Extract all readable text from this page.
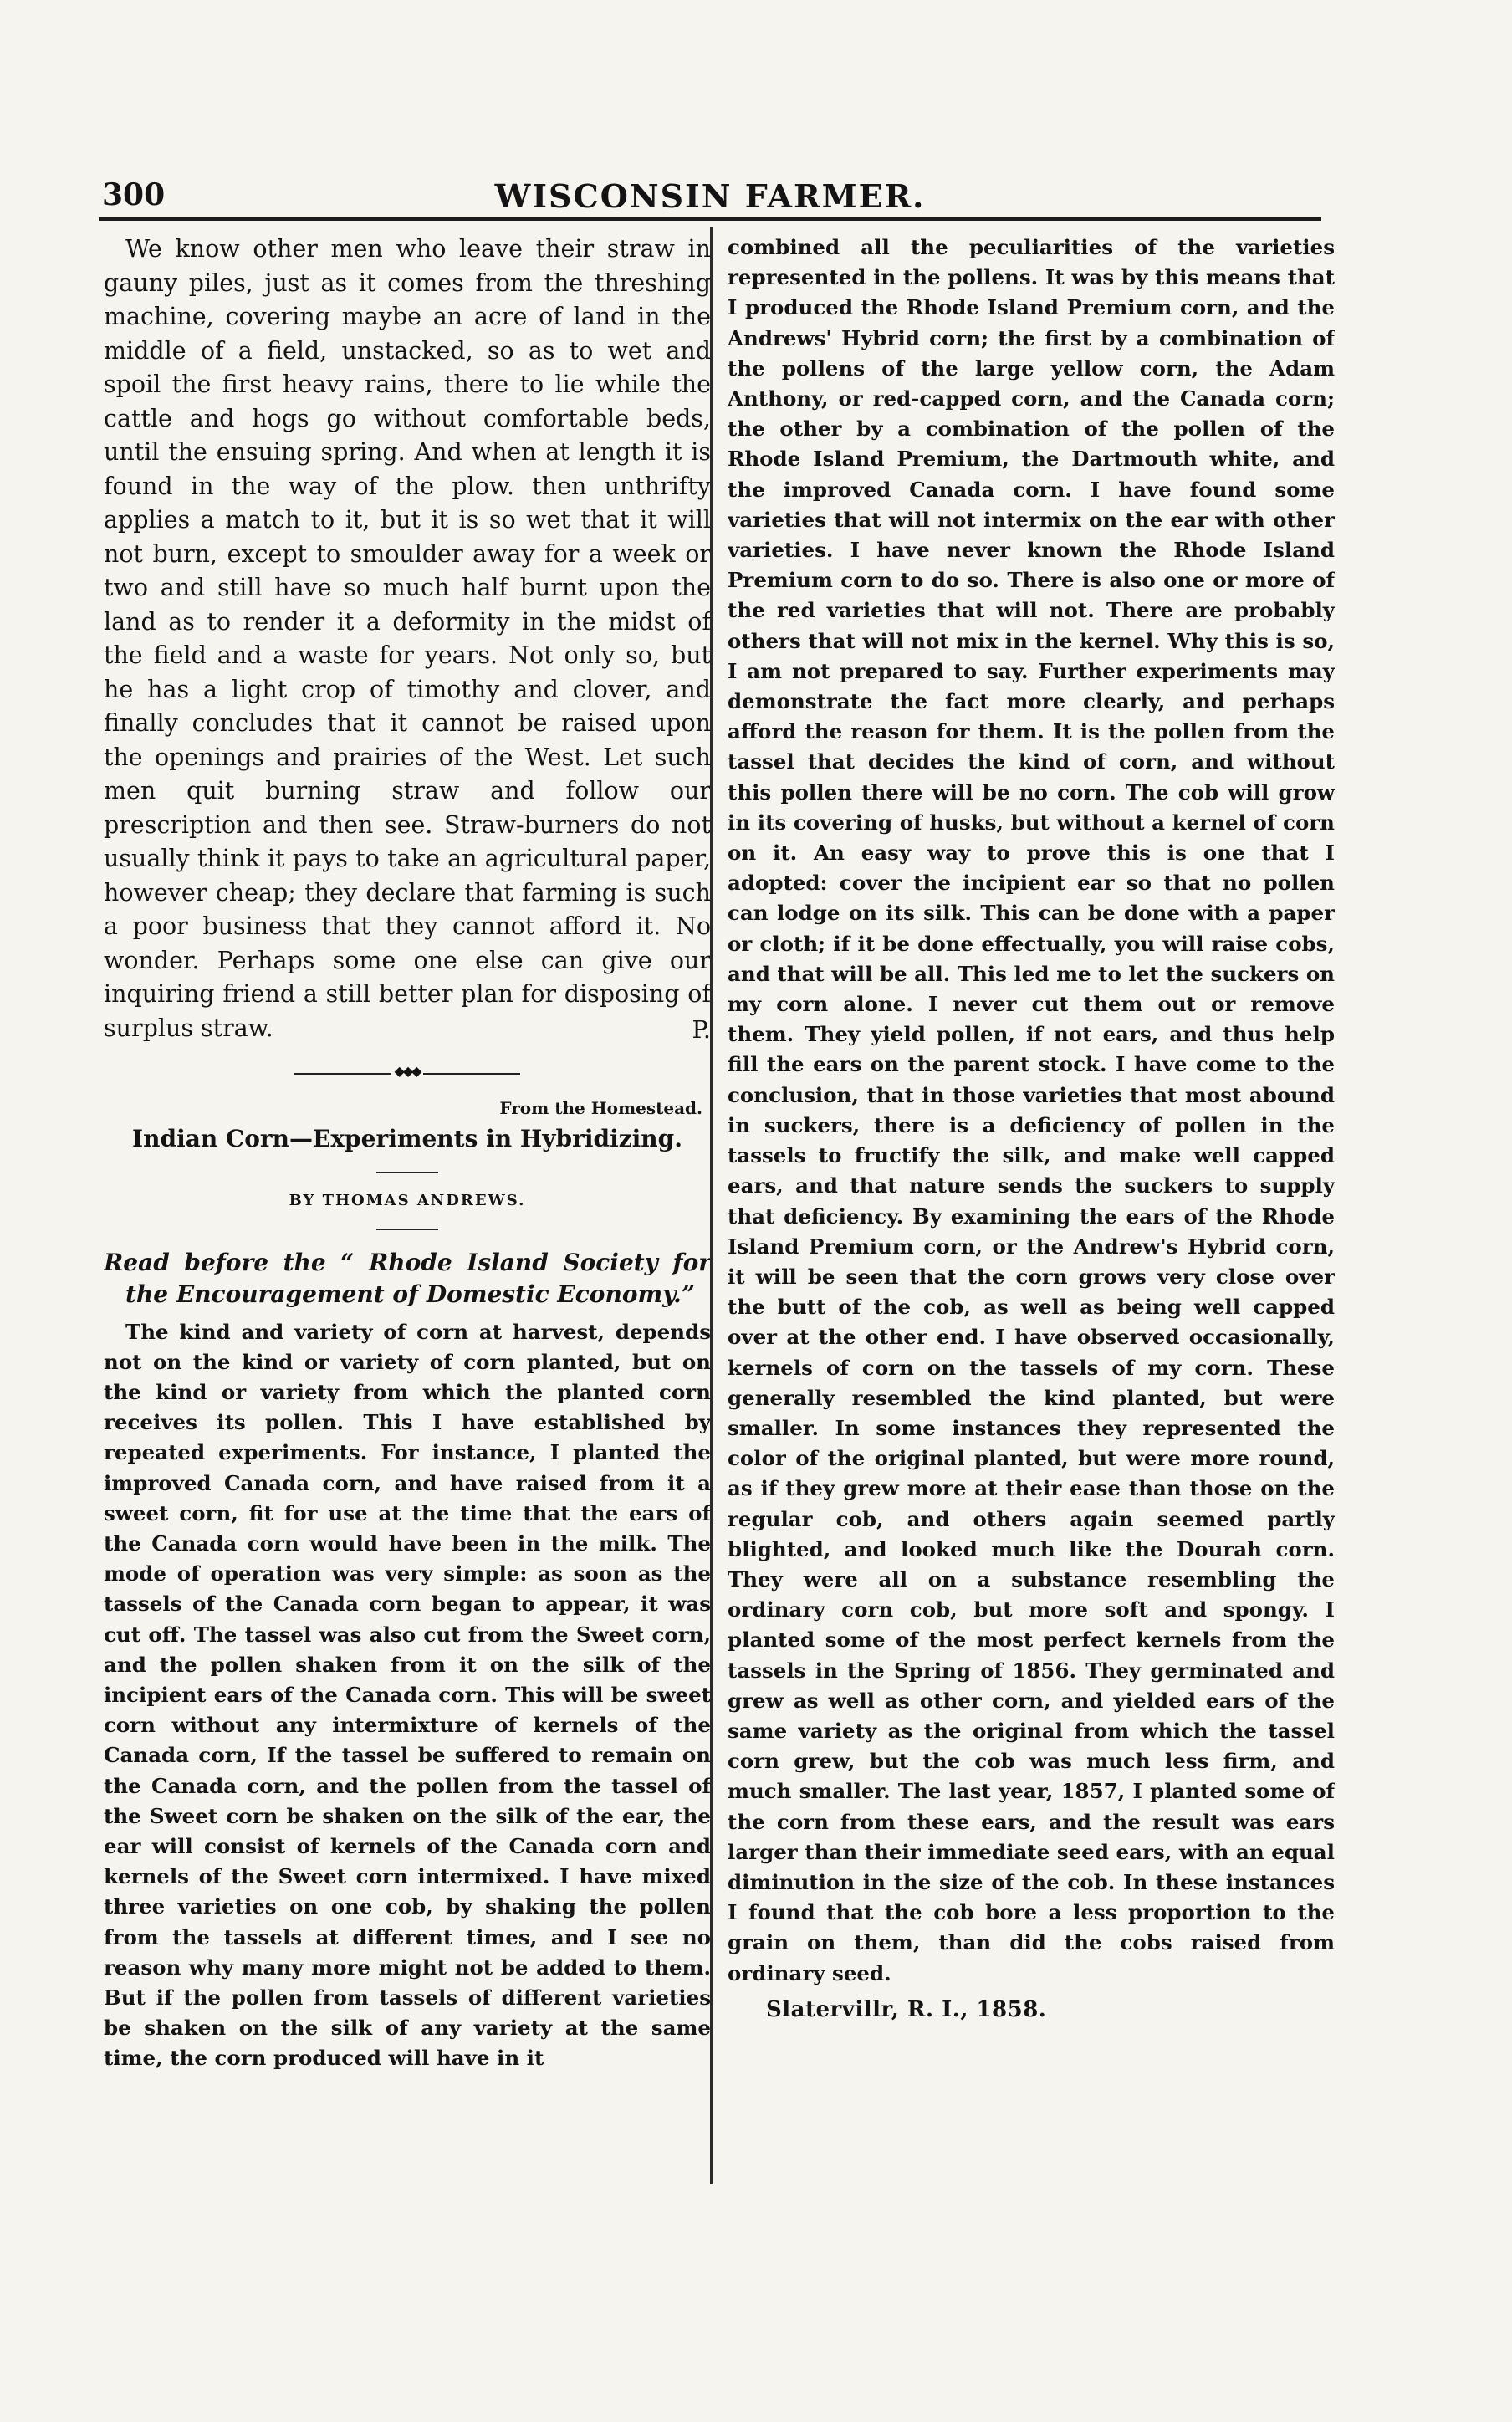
300	WISCONSIN FARMER.

We know other men who leave their straw in gauny piles, just as it comes from the threshing machine, covering maybe an acre of land in the middle of a field, unstacked, so as to wet and spoil the first heavy rains, there to lie while the cattle and hogs go without comfortable beds, until the ensuing spring. And when at length it is found in the way of the plow. then unthrifty applies a match to it, but it is so wet that it will not burn, except to smoulder away for a week or two and still have so much half burnt upon the land as to render it a deformity in the midst of the field and a waste for years. Not only so, but he has a light crop of timothy and clover, and finally concludes that it cannot be raised upon the openings and prairies of the West. Let such men quit burning straw and follow our prescription and then see. Straw-burners do not usually think it pays to take an agricultural paper, however cheap; they declare that farming is such a poor business that they cannot afford it. No wonder. Perhaps some one else can give our inquiring friend a still better plan for disposing of surplus straw.	P.

◆◆◆

From the Homestead.

Indian Corn—Experiments in Hybridizing.

BY THOMAS ANDREWS.

Read before the “ Rhode Island Society for the Encouragement of Domestic Economy.”

The kind and variety of corn at harvest, depends not on the kind or variety of corn planted, but on the kind or variety from which the planted corn receives its pollen. This I have established by repeated experiments. For instance, I planted the improved Canada corn, and have raised from it a sweet corn, fit for use at the time that the ears of the Canada corn would have been in the milk. The mode of operation was very simple: as soon as the tassels of the Canada corn began to appear, it was cut off. The tassel was also cut from the Sweet corn, and the pollen shaken from it on the silk of the incipient ears of the Canada corn. This will be sweet corn without any intermixture of kernels of the Canada corn, If the tassel be suffered to remain on the Canada corn, and the pollen from the tassel of the Sweet corn be shaken on the silk of the ear, the ear will consist of kernels of the Canada corn and kernels of the Sweet corn intermixed. I have mixed three varieties on one cob, by shaking the pollen from the tassels at different times, and I see no reason why many more might not be added to them. But if the pollen from tassels of different varieties be shaken on the silk of any variety at the same time, the corn produced will have in it

combined all the peculiarities of the varieties represented in the pollens. It was by this means that I produced the Rhode Island Premium corn, and the Andrews' Hybrid corn; the first by a combination of the pollens of the large yellow corn, the Adam Anthony, or red-capped corn, and the Canada corn; the other by a combination of the pollen of the Rhode Island Premium, the Dartmouth white, and the improved Canada corn. I have found some varieties that will not intermix on the ear with other varieties. I have never known the Rhode Island Premium corn to do so. There is also one or more of the red varieties that will not. There are probably others that will not mix in the kernel. Why this is so, I am not prepared to say. Further experiments may demonstrate the fact more clearly, and perhaps afford the reason for them. It is the pollen from the tassel that decides the kind of corn, and without this pollen there will be no corn. The cob will grow in its covering of husks, but without a kernel of corn on it. An easy way to prove this is one that I adopted: cover the incipient ear so that no pollen can lodge on its silk. This can be done with a paper or cloth; if it be done effectually, you will raise cobs, and that will be all. This led me to let the suckers on my corn alone. I never cut them out or remove them. They yield pollen, if not ears, and thus help fill the ears on the parent stock. I have come to the conclusion, that in those varieties that most abound in suckers, there is a deficiency of pollen in the tassels to fructify the silk, and make well capped ears, and that nature sends the suckers to supply that deficiency. By examining the ears of the Rhode Island Premium corn, or the Andrew's Hybrid corn, it will be seen that the corn grows very close over the butt of the cob, as well as being well capped over at the other end. I have observed occasionally, kernels of corn on the tassels of my corn. These generally resembled the kind planted, but were smaller. In some instances they represented the color of the original planted, but were more round, as if they grew more at their ease than those on the regular cob, and others again seemed partly blighted, and looked much like the Dourah corn. They were all on a substance resembling the ordinary corn cob, but more soft and spongy. I planted some of the most perfect kernels from the tassels in the Spring of 1856. They germinated and grew as well as other corn, and yielded ears of the same variety as the original from which the tassel corn grew, but the cob was much less firm, and much smaller. The last year, 1857, I planted some of the corn from these ears, and the result was ears larger than their immediate seed ears, with an equal diminution in the size of the cob. In these instances I found that the cob bore a less proportion to the grain on them, than did the cobs raised from ordinary seed.

Slatervillr, R. I., 1858.
